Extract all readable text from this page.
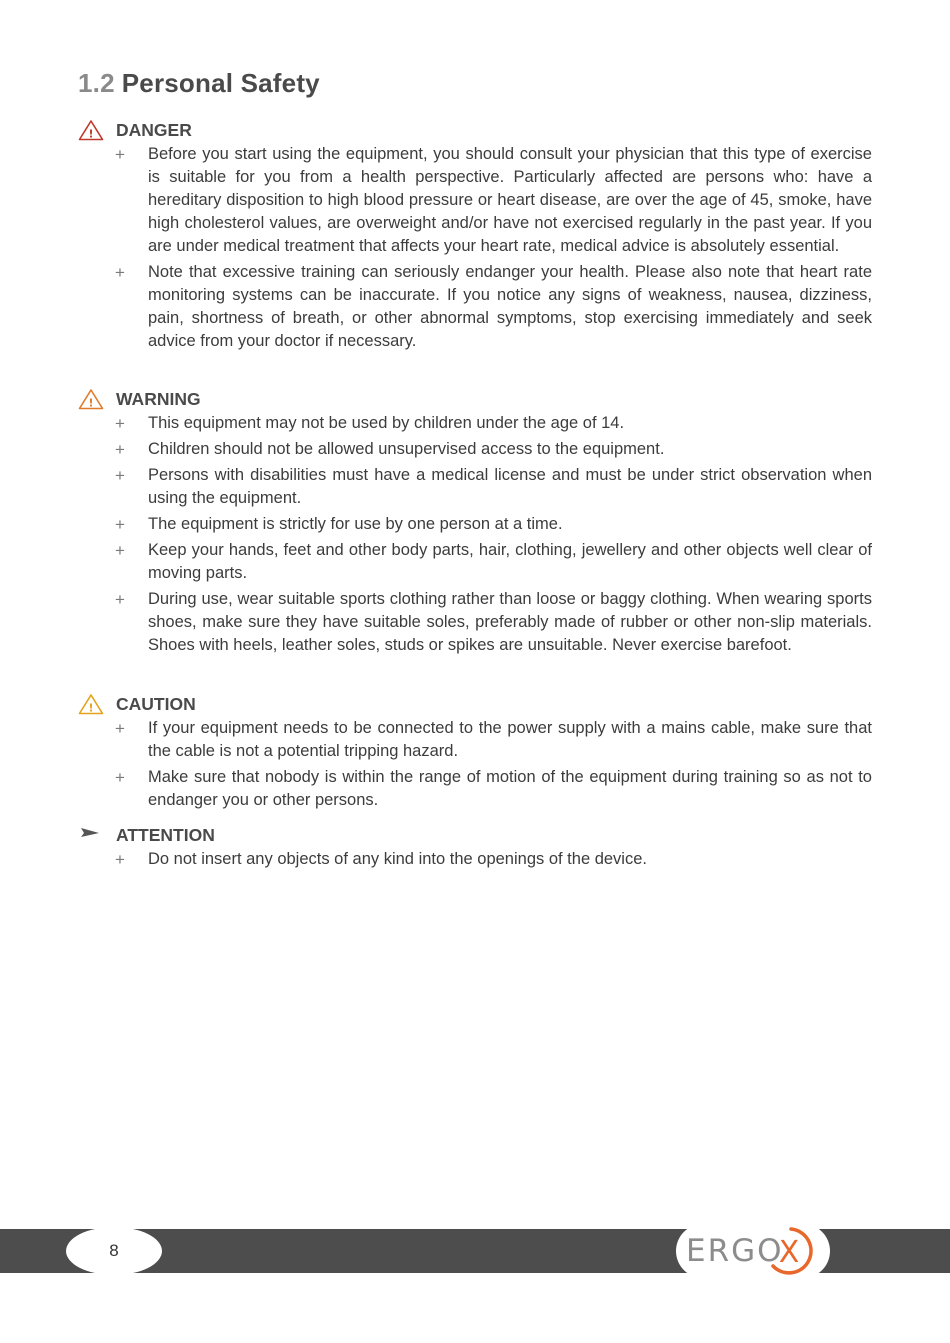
1.2 Personal Safety
! DANGER
+ Before you start using the equipment, you should consult your physician that this type of exercise is suitable for you from a health perspective. Particularly affected are persons who: have a hereditary disposition to high blood pressure or heart disease, are over the age of 45, smoke, have high cholesterol values, are overweight and/or have not exercised regularly in the past year. If you are under medical treatment that affects your heart rate, medical advice is absolutely essential.
+ Note that excessive training can seriously endanger your health. Please also note that heart rate monitoring systems can be inaccurate. If you notice any signs of weakness, nausea, dizziness, pain, shortness of breath, or other abnormal symptoms, stop exercising immediately and seek advice from your doctor if necessary.
! WARNING
+ This equipment may not be used by children under the age of 14.
+ Children should not be allowed unsupervised access to the equipment.
+ Persons with disabilities must have a medical license and must be under strict observation when using the equipment.
+ The equipment is strictly for use by one person at a time.
+ Keep your hands, feet and other body parts, hair, clothing, jewellery and other objects well clear of moving parts.
+ During use, wear suitable sports clothing rather than loose or baggy clothing. When wearing sports shoes, make sure they have suitable soles, preferably made of rubber or other non-slip materials. Shoes with heels, leather soles, studs or spikes are unsuitable. Never exercise barefoot.
! CAUTION
+ If your equipment needs to be connected to the power supply with a mains cable, make sure that the cable is not a potential tripping hazard.
+ Make sure that nobody is within the range of motion of the equipment during training so as not to endanger you or other persons.
ATTENTION
+ Do not insert any objects of any kind into the openings of the device.
8	ERGO
X
